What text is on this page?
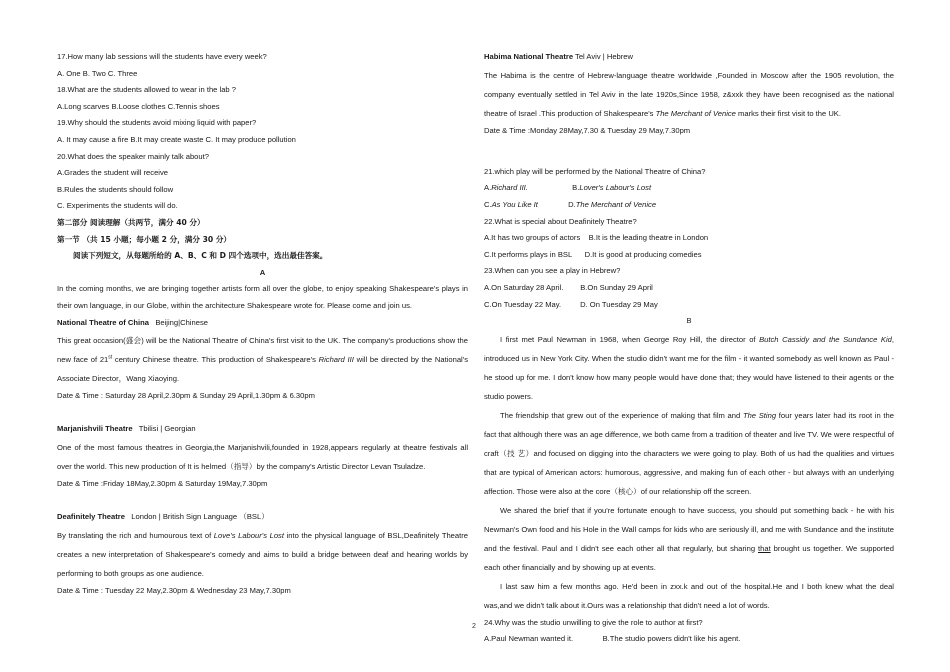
17.How many lab sessions will the students have every week?
A. One B. Two C. Three
18.What are the students allowed to wear in the lab ?
A.Long scarves B.Loose clothes C.Tennis shoes
19.Why should the students avoid mixing liquid with paper?
A. It may cause a fire B.It may create waste C. It may produce pollution
20.What does the speaker mainly talk about?
A.Grades the student will receive
B.Rules the students should follow
C. Experiments the students will do.
第二部分 阅读理解（共两节，满分 40 分）
第一节 （共 15 小题；每小题 2 分，满分 30 分）
阅读下列短文，从每题所给的 A、B、C 和 D 四个选项中，选出最佳答案。
A
In the coming months, we are bringing together artists form all over the globe, to enjoy speaking Shakespeare's plays in their own language, in our Globe, within the architecture Shakespeare wrote for. Please come and join us.
National Theatre of China Beijing|Chinese
This great occasion(盛会) will be the National Theatre of China's first visit to the UK. The company's productions show the new face of 21st century Chinese theatre. This production of Shakespeare's Richard III will be directed by the National's Associate Director，Wang Xiaoying.
Date & Time : Saturday 28 April,2.30pm & Sunday 29 April,1.30pm & 6.30pm
Marjanishvili Theatre Tbilisi | Georgian
One of the most famous theatres in Georgia,the Marjanishvili,founded in 1928,appears regularly at theatre festivals all over the world. This new production of It is helmed（指导）by the company's Artistic Director Levan Tsuladze.
Date & Time :Friday 18May,2.30pm & Saturday 19May,7.30pm
Deafinitely Theatre London | British Sign Language （BSL）
By translating the rich and humourous text of Love's Labour's Lost into the physical language of BSL,Deafinitely Theatre creates a new interpretation of Shakespeare's comedy and aims to build a bridge between deaf and hearing worlds by performing to both groups as one audience.
Date & Time : Tuesday 22 May,2.30pm & Wednesday 23 May,7.30pm
Habima National Theatre Tel Aviv | Hebrew
The Habima is the centre of Hebrew-language theatre worldwide ,Founded in Moscow after the 1905 revolution, the company eventually settled in Tel Aviv in the late 1920s,Since 1958, z&xxk they have been recognised as the national theatre of Israel .This production of Shakespeare's The Merchant of Venice marks their first visit to the UK.
Date & Time :Monday 28May,7.30 & Tuesday 29 May,7.30pm
21.which play will be performed by the National Theatre of China?
A.Richard III.	B.Lover's Labour's Lost
C.As You Like It	D.The Merchant of Venice
22.What is special about Deafinitely Theatre?
A.It has two groups of actors    B.It is the leading theatre in London
C.It performs plays in BSL      D.It is good at producing comedies
23.When can you see a play in Hebrew?
A.On Saturday 28 April.        B.On Sunday 29 April
C.On Tuesday 22 May.         D. On Tuesday 29 May
B
I first met Paul Newman in 1968, when George Roy Hill, the director of Butch Cassidy and the Sundance Kid, introduced us in New York City. When the studio didn't want me for the film - it wanted somebody as well known as Paul - he stood up for me. I don't know how many people would have done that; they would have listened to their agents or the studio powers.
The friendship that grew out of the experience of making that film and The Sting four years later had its root in the fact that although there was an age difference, we both came from a tradition of theater and live TV. We were respectful of craft（技 艺）and focused on digging into the characters we were going to play. Both of us had the qualities and virtues that are typical of American actors: humorous, aggressive, and making fun of each other - but always with an underlying affection. Those were also at the core（核心）of our relationship off the screen.
We shared the brief that if you're fortunate enough to have success, you should put something back - he with his Newman's Own food and his Hole in the Wall camps for kids who are seriously ill, and me with Sundance and the institute and the festival. Paul and I didn't see each other all that regularly, but sharing that brought us together. We supported each other financially and by showing up at events.
I last saw him a few months ago. He'd been in zxx.k and out of the hospital.He and I both knew what the deal was,and we didn't talk about it.Ours was a relationship that didn't need a lot of words.
24.Why was the studio unwilling to give the role to author at first?
A.Paul Newman wanted it.              B.The studio powers didn't like his agent.
2
